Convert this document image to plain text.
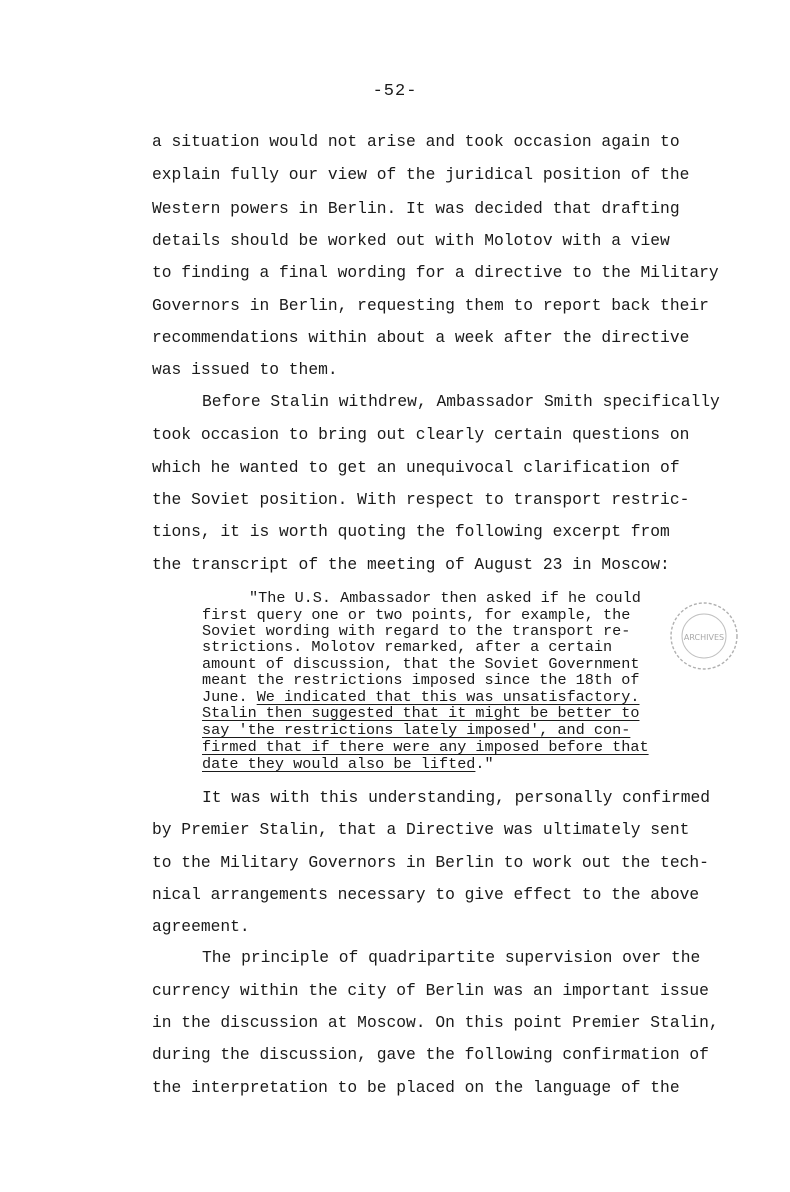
-52-
a situation would not arise and took occasion again to
explain fully our view of the juridical position of the
Western powers in Berlin. It was decided that drafting
details should be worked out with Molotov with a view
to finding a final wording for a directive to the Military
Governors in Berlin, requesting them to report back their
recommendations within about a week after the directive
was issued to them.
Before Stalin withdrew, Ambassador Smith specifically
took occasion to bring out clearly certain questions on
which he wanted to get an unequivocal clarification of
the Soviet position. With respect to transport restric-
tions, it is worth quoting the following excerpt from
the transcript of the meeting of August 23 in Moscow:
"The U.S. Ambassador then asked if he could
first query one or two points, for example, the
Soviet wording with regard to the transport re-
strictions. Molotov remarked, after a certain
amount of discussion, that the Soviet Government
meant the restrictions imposed since the 18th of
June. We indicated that this was unsatisfactory.
Stalin then suggested that it might be better to
say 'the restrictions lately imposed', and con-
firmed that if there were any imposed before that
date they would also be lifted."
ARCHIVES
It was with this understanding, personally confirmed
by Premier Stalin, that a Directive was ultimately sent
to the Military Governors in Berlin to work out the tech-
nical arrangements necessary to give effect to the above
agreement.
The principle of quadripartite supervision over the
currency within the city of Berlin was an important issue
in the discussion at Moscow. On this point Premier Stalin,
during the discussion, gave the following confirmation of
the interpretation to be placed on the language of the
